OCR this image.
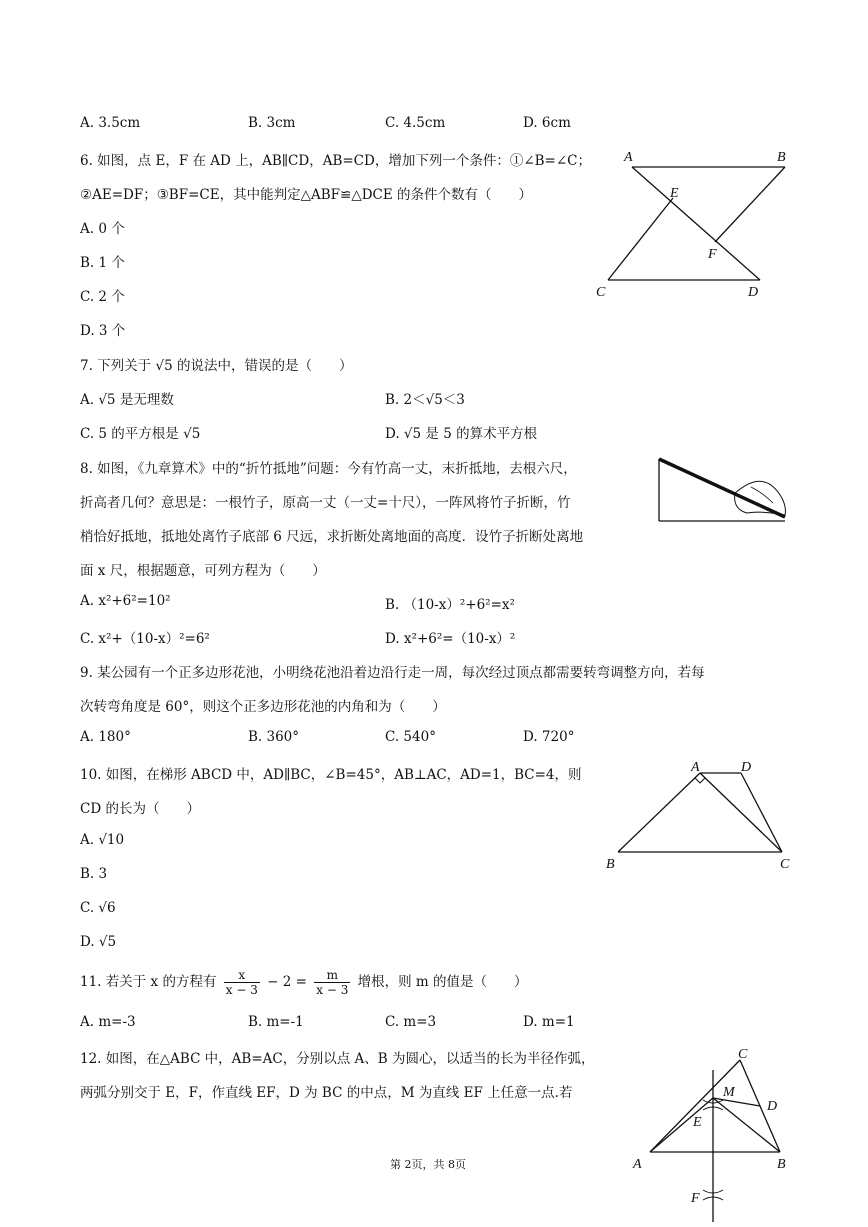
A. 3.5cm	B. 3cm	C. 4.5cm	D. 6cm
6. 如图，点 E，F 在 AD 上，AB∥CD，AB=CD，增加下列一个条件：①∠B=∠C；
②AE=DF；③BF=CE，其中能判定△ABF≌△DCE 的条件个数有（　　）
A. 0 个
B. 1 个
C. 2 个
D. 3 个
A	B
C	D
E
F
7. 下列关于 √5 的说法中，错误的是（　　）
A. √5 是无理数	B. 2＜√5＜3
C. 5 的平方根是 √5	D. √5 是 5 的算术平方根
8. 如图，《九章算术》中的“折竹抵地”问题：今有竹高一丈，末折抵地，去根六尺，
折高者几何？意思是：一根竹子，原高一丈（一丈=十尺），一阵风将竹子折断，竹
梢恰好抵地，抵地处离竹子底部 6 尺远，求折断处离地面的高度．设竹子折断处离地
面 x 尺，根据题意，可列方程为（　　）
A. x²+6²=10²	B. （10-x）²+6²=x²
C. x²+（10-x）²=6²	D. x²+6²=（10-x）²
9. 某公园有一个正多边形花池，小明绕花池沿着边沿行走一周，每次经过顶点都需要转弯调整方向，若每
次转弯角度是 60°，则这个正多边形花池的内角和为（　　）
A. 180°	B. 360°	C. 540°	D. 720°
10. 如图，在梯形 ABCD 中，AD∥BC，∠B=45°，AB⊥AC，AD=1，BC=4，则
CD 的长为（　　）
A. √10
B. 3
C. √6
D. √5
A	D
B	C
11. 若关于 x 的方程有 $\frac{x}{x - 3} - 2 = \frac{m}{x - 3}$ 增根，则 m 的值是（　　）
A. m=-3	B. m=-1	C. m=3	D. m=1
12. 如图，在△ABC 中，AB=AC，分别以点 A、B 为圆心，以适当的长为半径作弧，
两弧分别交于 E，F，作直线 EF，D 为 BC 的中点，M 为直线 EF 上任意一点.若
C
M
D
E
A	B
F
第 2页，共 8页
